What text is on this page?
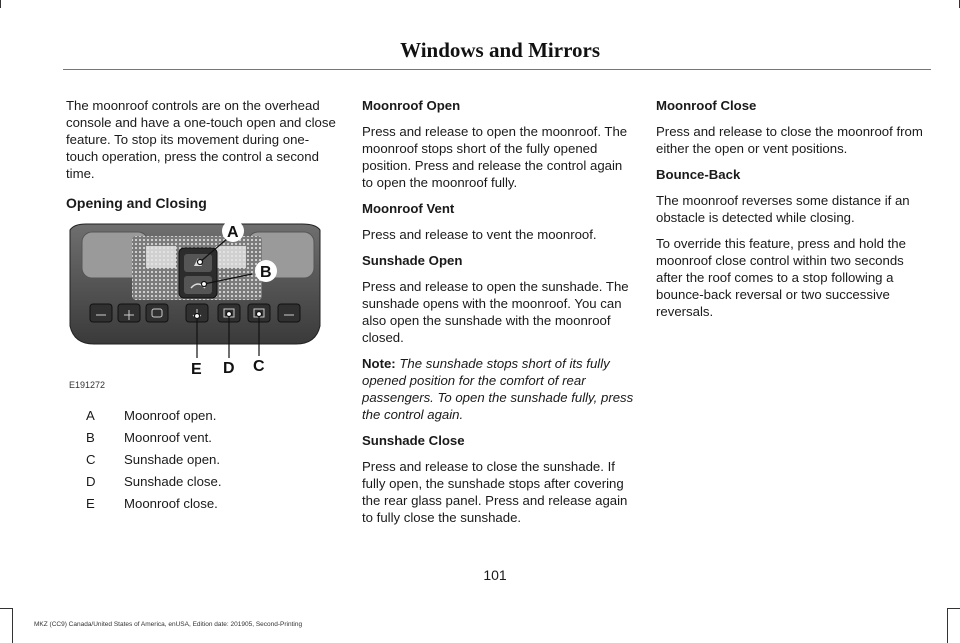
Windows and Mirrors

The moonroof controls are on the overhead console and have a one-touch open and close feature. To stop its movement during one-touch operation, press the control a second time.

Opening and Closing

A
B
C
D
E
E191272
A	Moonroof open.
B	Moonroof vent.
C	Sunshade open.
D	Sunshade close.
E	Moonroof close.

Moonroof Open

Press and release to open the moonroof. The moonroof stops short of the fully opened position. Press and release the control again to open the moonroof fully.

Moonroof Vent

Press and release to vent the moonroof.

Sunshade Open

Press and release to open the sunshade. The sunshade opens with the moonroof. You can also open the sunshade with the moonroof closed.

Note: The sunshade stops short of its fully opened position for the comfort of rear passengers. To open the sunshade fully, press the control again.

Sunshade Close

Press and release to close the sunshade. If fully open, the sunshade stops after covering the rear glass panel. Press and release again to fully close the sunshade.

Moonroof Close

Press and release to close the moonroof from either the open or vent positions.

Bounce-Back

The moonroof reverses some distance if an obstacle is detected while closing.

To override this feature, press and hold the moonroof close control within two seconds after the roof comes to a stop following a bounce-back reversal or two successive reversals.

101
MKZ (CC9) Canada/United States of America, enUSA, Edition date: 201905, Second-Printing
